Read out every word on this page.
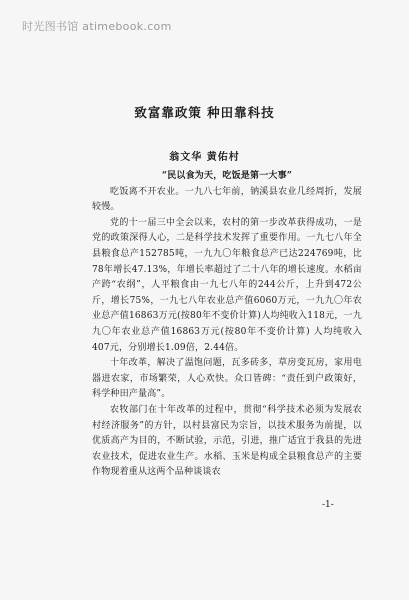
时光图书馆 atimebook.com
致富靠政策 种田靠科技
翁文华 黄佑村

“民以食为天，吃饭是第一大事”

吃饭离不开农业。一九八七年前，钠溪县农业几经周折，发展较慢。

党的十一届三中全会以来，农村的第一步改革获得成功，一是党的政策深得人心，二是科学技术发挥了重要作用。一九七八年全县粮食总产152785吨，一九九〇年粮食总产已达224769吨，比78年增长47.13%，年增长率超过了二十八年的增长速度。水稻亩产跨“农纲”，人平粮食由一九七八年的244公斤，上升到472公斤，增长75%，一九七八年农业总产值6060万元，一九九〇年农业总产值16863万元(按80年不变价计算)人均纯收入118元，一九九〇年农业总产值16863万元(按80年不变价计算) 人均纯收入407元，分别增长1.09倍，2.44倍。

十年改革，解决了温饱问题，瓦多砖多，草房变瓦房，家用电器进农家，市场繁荣，人心欢快。众口皆碑：“责任到户政策好，科学种田产量高”。

农牧部门在十年改革的过程中，贯彻“科学技术必须为发展农村经济服务”的方针，以村县富民为宗旨，以技术服务为前提，以优质高产为目的，不断试验，示范，引进，推广适宜于我县的先进农业技术，促进农业生产。水稻、玉米是构成全县粮食总产的主要作物现着重从这两个品种谈谈农

-1-
